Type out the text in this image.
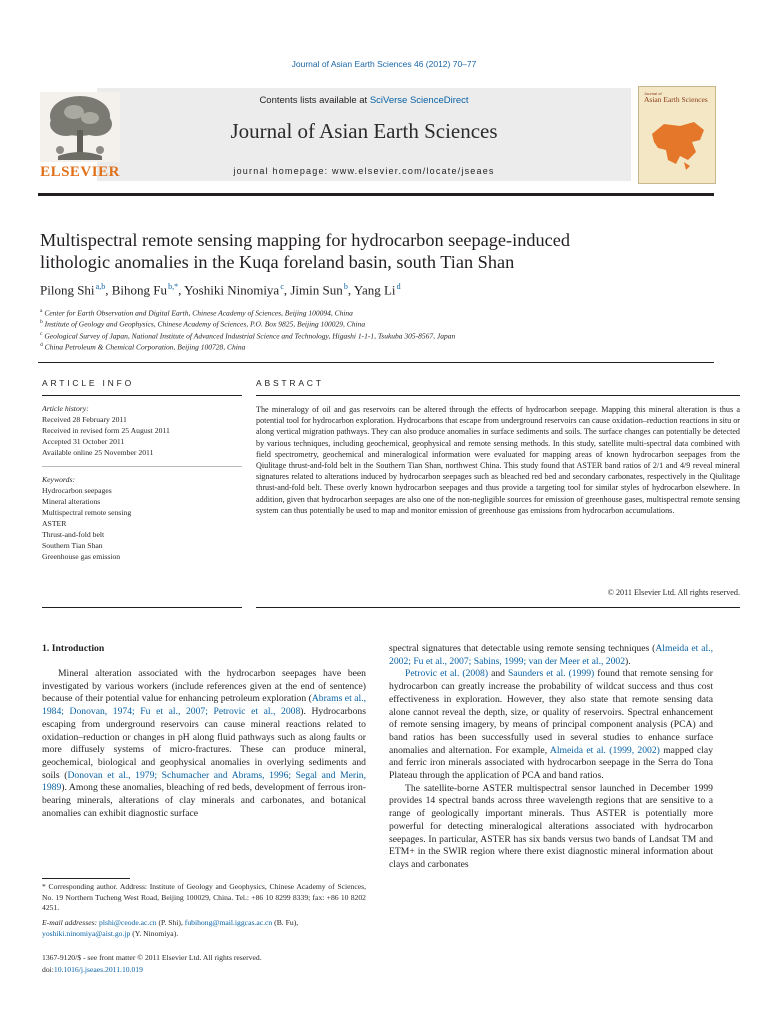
Journal of Asian Earth Sciences 46 (2012) 70–77
Contents lists available at SciVerse ScienceDirect
Journal of Asian Earth Sciences
journal homepage: www.elsevier.com/locate/jseaes
ELSEVIER
Journal of
Asian Earth Sciences
Multispectral remote sensing mapping for hydrocarbon seepage-induced
lithologic anomalies in the Kuqa foreland basin, south Tian Shan
Pilong Shi $^{a,b}$, Bihong Fu $^{b,*}$, Yoshiki Ninomiya $^c$, Jimin Sun $^b$, Yang Li $^d$
$^a$ Center for Earth Observation and Digital Earth, Chinese Academy of Sciences, Beijing 100094, China
$^b$ Institute of Geology and Geophysics, Chinese Academy of Sciences, P.O. Box 9825, Beijing 100029, China
$^c$ Geological Survey of Japan, National Institute of Advanced Industrial Science and Technology, Higashi 1-1-1, Tsukuba 305-8567, Japan
$^d$ China Petroleum & Chemical Corporation, Beijing 100728, China
ARTICLE INFO	ABSTRACT
Article history:
Received 28 February 2011
Received in revised form 25 August 2011
Accepted 31 October 2011
Available online 25 November 2011
Keywords:
Hydrocarbon seepages
Mineral alterations
Multispectral remote sensing
ASTER
Thrust-and-fold belt
Southern Tian Shan
Greenhouse gas emission
The mineralogy of oil and gas reservoirs can be altered through the effects of hydrocarbon seepage. Mapping this mineral alteration is thus a potential tool for hydrocarbon exploration. Hydrocarbons that escape from underground reservoirs can cause oxidation–reduction reactions in situ or along vertical migration pathways. They can also produce anomalies in surface sediments and soils. The surface changes can potentially be detected by various techniques, including geochemical, geophysical and remote sensing methods. In this study, satellite multi-spectral data combined with field spectrometry, geochemical and mineralogical information were evaluated for mapping areas of known hydrocarbon seepages from the Qiulitage thrust-and-fold belt in the Southern Tian Shan, northwest China. This study found that ASTER band ratios of 2/1 and 4/9 reveal mineral signatures related to alterations induced by hydrocarbon seepages such as bleached red bed and secondary carbonates, respectively in the Qiulitage thrust-and-fold belt. These overly known hydrocarbon seepages and thus provide a targeting tool for similar styles of hydrocarbon elsewhere. In addition, given that hydrocarbon seepages are also one of the non-negligible sources for emission of greenhouse gases, multispectral remote sensing system can thus potentially be used to map and monitor emission of greenhouse gas emissions from hydrocarbon accumulations.
© 2011 Elsevier Ltd. All rights reserved.
1. Introduction
Mineral alteration associated with the hydrocarbon seepages have been investigated by various workers (include references given at the end of sentence) because of their potential value for enhancing petroleum exploration (Abrams et al., 1984; Donovan, 1974; Fu et al., 2007; Petrovic et al., 2008). Hydrocarbons escaping from underground reservoirs can cause mineral reactions related to oxidation–reduction or changes in pH along fluid pathways such as along faults or more diffusely systems of micro-fractures. These can produce mineral, geochemical, biological and geophysical anomalies in overlying sediments and soils (Donovan et al., 1979; Schumacher and Abrams, 1996; Segal and Merin, 1989). Among these anomalies, bleaching of red beds, development of ferrous iron-bearing minerals, alterations of clay minerals and carbonates, and botanical anomalies can exhibit diagnostic surface

spectral signatures that detectable using remote sensing techniques (Almeida et al., 2002; Fu et al., 2007; Sabins, 1999; van der Meer et al., 2002).

Petrovic et al. (2008) and Saunders et al. (1999) found that remote sensing for hydrocarbon can greatly increase the probability of wildcat success and thus cost effectiveness in exploration. However, they also state that remote sensing data alone cannot reveal the depth, size, or quality of reservoirs. Spectral enhancement of remote sensing imagery, by means of principal component analysis (PCA) and band ratios has been successfully used in several studies to enhance surface anomalies and alternation. For example, Almeida et al. (1999, 2002) mapped clay and ferric iron minerals associated with hydrocarbon seepage in the Serra do Tona Plateau through the application of PCA and band ratios.

The satellite-borne ASTER multispectral sensor launched in December 1999 provides 14 spectral bands across three wavelength regions that are sensitive to a range of geologically important minerals. Thus ASTER is potentially more powerful for detecting mineralogical alterations associated with hydrocarbon seepages. In particular, ASTER has six bands versus two bands of Landsat TM and ETM+ in the SWIR region where there exist diagnostic mineral information about clays and carbonates

* Corresponding author. Address: Institute of Geology and Geophysics, Chinese Academy of Sciences, No. 19 Northern Tucheng West Road, Beijing 100029, China. Tel.: +86 10 8299 8339; fax: +86 10 8202 4251.
E-mail addresses: plshi@ceode.ac.cn (P. Shi), fubihong@mail.iggcas.ac.cn (B. Fu), yoshiki.ninomiya@aist.go.jp (Y. Ninomiya).
1367-9120/$ - see front matter © 2011 Elsevier Ltd. All rights reserved.
doi:10.1016/j.jseaes.2011.10.019
